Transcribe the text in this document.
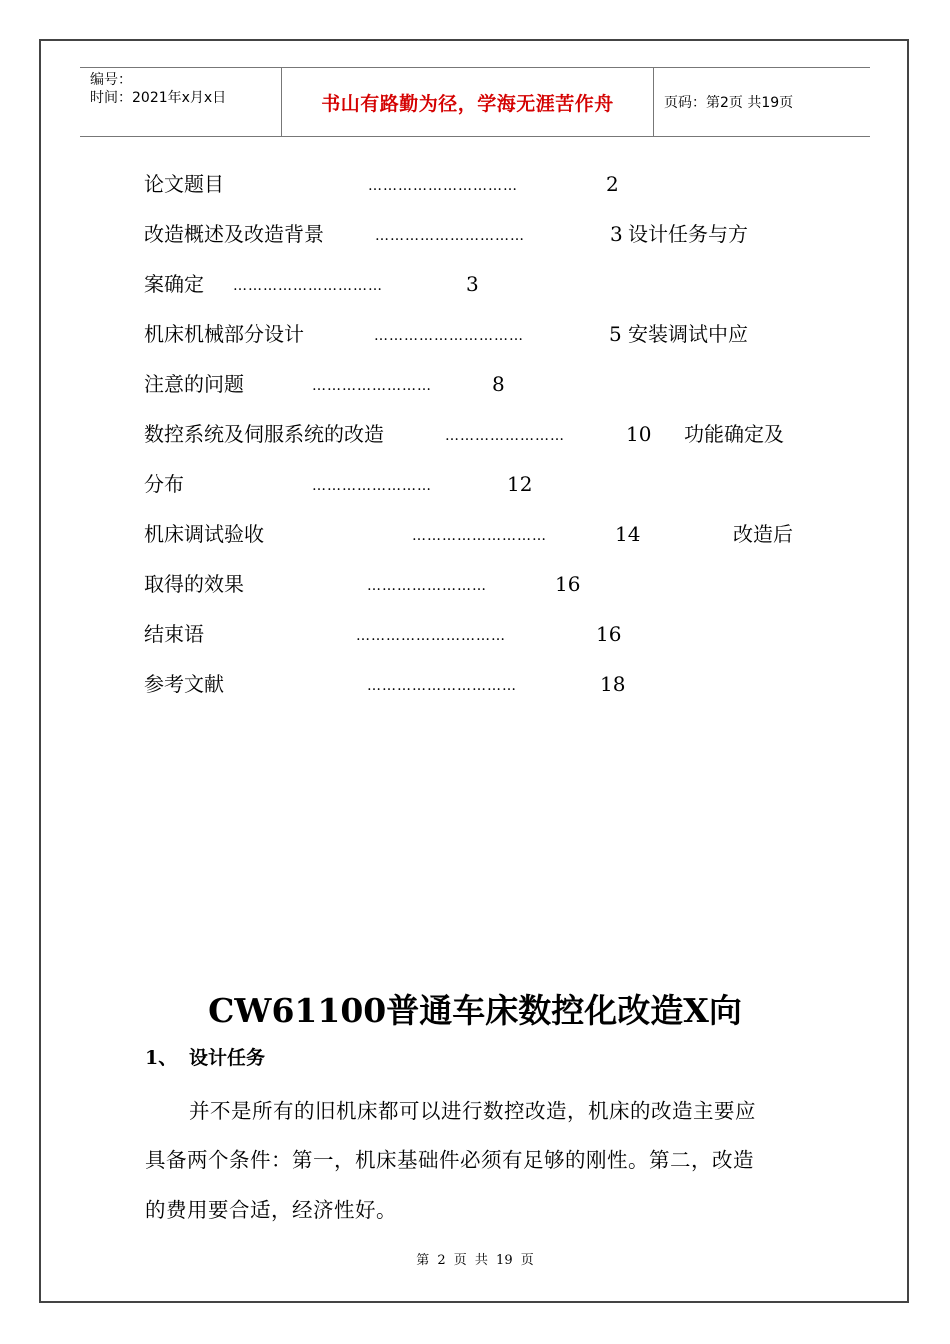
编号：
时间：2021年x月x日	书山有路勤为径，学海无涯苦作舟	页码：第2页 共19页
论文题目	…………………………	2
改造概述及改造背景	…………………………	3 设计任务与方
案确定 …………………………	3
机床机械部分设计	…………………………	5 安装调试中应
注意的问题	……………………	8
数控系统及伺服系统的改造	……………………	10 功能确定及
分布	……………………	12
机床调试验收	………………………	14	改造后
取得的效果	……………………	16
结束语	…………………………	16
参考文献	…………………………	18
CW61100普通车床数控化改造X向
1、 设计任务
并不是所有的旧机床都可以进行数控改造，机床的改造主要应
具备两个条件：第一，机床基础件必须有足够的刚性。第二，改造
的费用要合适，经济性好。
第 2 页 共 19 页
